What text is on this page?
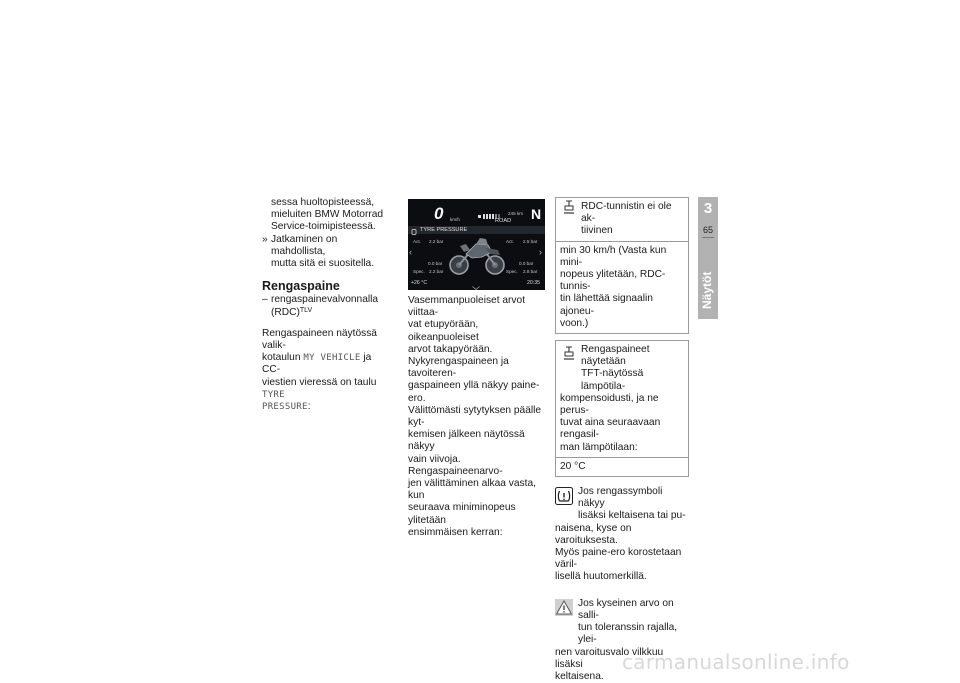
sessa huoltopisteessä,

mieluiten BMW Motorrad

Service-toimipisteessä.

» Jatkaminen on mahdollista,

mutta sitä ei suositella.

Rengaspaine
– rengaspainevalvonnalla

(RDC)$^{TLV}$

Rengaspaineen näytössä valik-

kotaulun MY VEHICLE ja CC-

viestien vieressä on taulu TYRE

PRESSURE:

0 km/h
245 km
ROAD N
TYRE PRESSURE
Act. 2.2 bar	Act. 2.5 bar
‹	›
0.0 bar	0.0 bar
Spec. 2.2 bar	Spec. 2.8 bar
+26 °C	20:35

Vasemmanpuoleiset arvot viittaa-

vat etupyörään, oikeanpuoleiset

arvot takapyörään.

Nykyrengaspaineen ja tavoiteren-

gaspaineen yllä näkyy paine-ero.

Välittömästi sytytyksen päälle kyt-

kemisen jälkeen näytössä näkyy

vain viivoja. Rengaspaineenarvo-

jen välittäminen alkaa vasta, kun

seuraava miniminopeus ylitetään

ensimmäisen kerran:

RDC-tunnistin ei ole ak-

tiivinen

min 30 km/h (Vasta kun mini-

nopeus ylitetään, RDC-tunnis-

tin lähettää signaalin ajoneu-

voon.)

Rengaspaineet näytetään

TFT-näytössä lämpötila-

kompensoidusti, ja ne perus-

tuvat aina seuraavaan rengasil-

man lämpötilaan:

20 °C

Jos rengassymboli näkyy

lisäksi keltaisena tai pu-

naisena, kyse on varoituksesta.

Myös paine-ero korostetaan väril-

lisellä huutomerkillä.

Jos kyseinen arvo on salli-

tun toleranssin rajalla, ylei-

nen varoitusvalo vilkkuu lisäksi

keltaisena.

3
65
Näytöt
carmanualsonline.info
